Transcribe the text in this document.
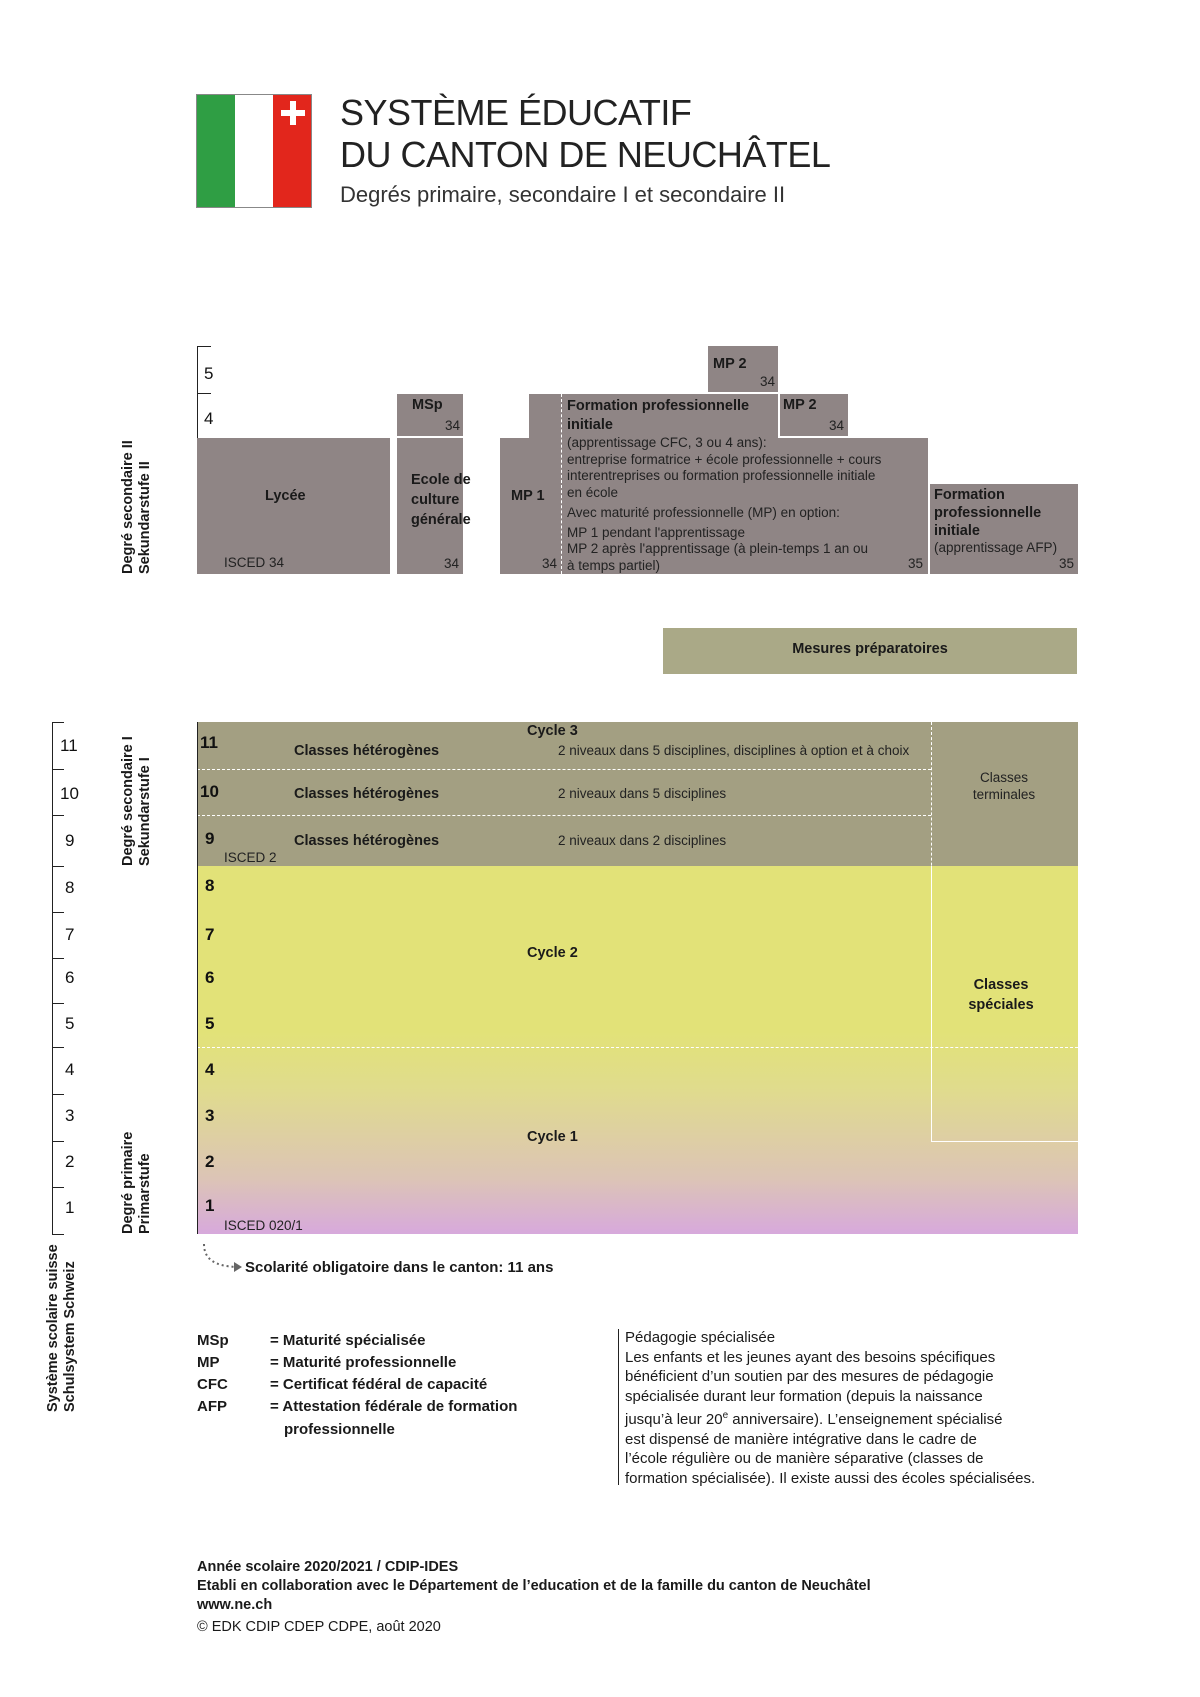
SYSTÈME ÉDUCATIF
DU CANTON DE NEUCHÂTEL
Degrés primaire, secondaire I et secondaire II
Degré secondaire II Sekundarstufe II
5
4
Lycée
ISCED 34
MSp
34
Ecole de
culture
générale
34
MP 1
34
Formation professionnelle
initiale
(apprentissage CFC, 3 ou 4 ans):
entreprise formatrice + école professionnelle + cours
interentreprises ou formation professionnelle initiale
en école
Avec maturité professionnelle (MP) en option:
MP 1 pendant l'apprentissage
MP 2 après l'apprentissage (à plein-temps 1 an ou
à temps partiel)	35
MP 2
34
MP 2
34
Formation
professionnelle
initiale
(apprentissage AFP)
35
Mesures préparatoires
Degré secondaire I Sekundarstufe I
Cycle 3
11	Classes hétérogènes	2 niveaux dans 5 disciplines, disciplines à option et à choix
10	Classes hétérogènes	2 niveaux dans 5 disciplines
9	Classes hétérogènes	2 niveaux dans 2 disciplines
ISCED 2
Classes
terminales
8
7
6
5
4
3
2
1
Cycle 2
Cycle 1
ISCED 020/1
Classes
spéciales
Degré primaire Primarstufe
11
10
9
8
7
6
5
4
3
2
1
Système scolaire suisse Schulsystem Schweiz	Scolarité obligatoire dans le canton: 11 ans
MSp	= Maturité spécialisée
MP	= Maturité professionnelle
CFC	= Certificat fédéral de capacité
AFP	= Attestation fédérale de formation
professionnelle
Pédagogie spécialisée
Les enfants et les jeunes ayant des besoins spécifiques
bénéficient d’un soutien par des mesures de pédagogie
spécialisée durant leur formation (depuis la naissance
jusqu’à leur 20e anniversaire). L’enseignement spécialisé
est dispensé de manière intégrative dans le cadre de
l’école régulière ou de manière séparative (classes de
formation spécialisée). Il existe aussi des écoles spécialisées.
Année scolaire 2020/2021 / CDIP-IDES
Etabli en collaboration avec le Département de l’education et de la famille du canton de Neuchâtel
www.ne.ch
© EDK CDIP CDEP CDPE, août 2020
